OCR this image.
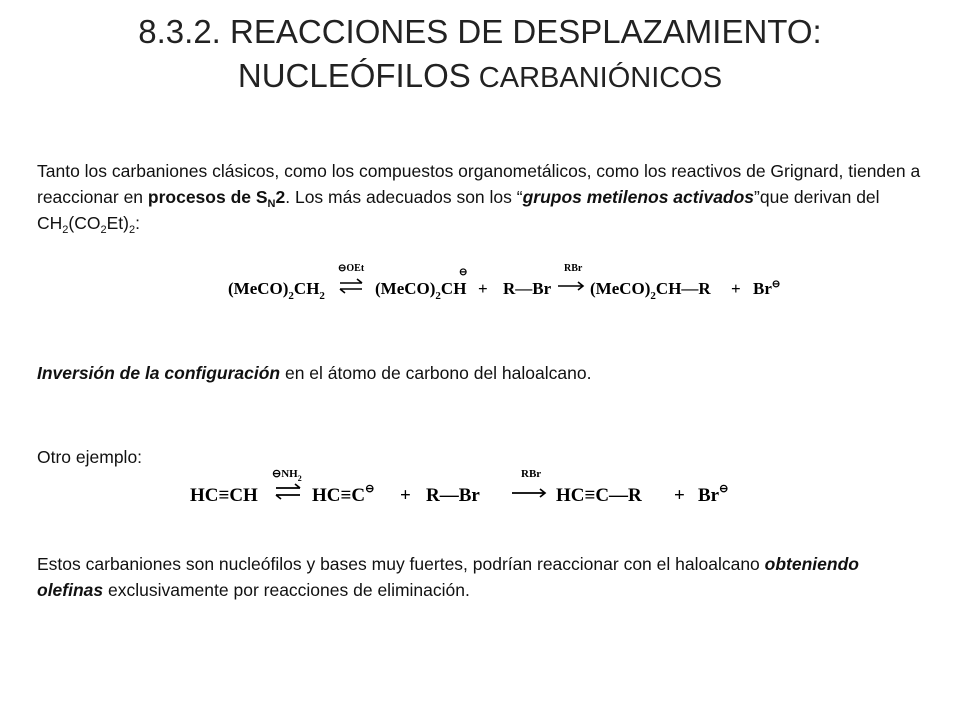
8.3.2. REACCIONES DE DESPLAZAMIENTO:
NUCLEÓFILOS CARBANIÓNICOS
Tanto los carbaniones clásicos, como los compuestos organometálicos, como los reactivos de Grignard, tienden a reaccionar en procesos de $S_N2$. Los más adecuados son los “grupos metilenos activados”que derivan del $CH_2(CO_2Et)_2$:
$(MeCO)_2CH_2$
⊖OEt
$(MeCO)_2CH$
⊖
+ R—Br
RBr
$(MeCO)_2CH—R + Br^⊖$
Inversión de la configuración en el átomo de carbono del haloalcano.
Otro ejemplo:
HC≡CH
$⊖NH_2$
HC≡C⊖ + R—Br
RBr
HC≡C—R + Br⊖
Estos carbaniones son nucleófilos y bases muy fuertes, podrían reaccionar con el haloalcano obteniendo olefinas exclusivamente por reacciones de eliminación.
